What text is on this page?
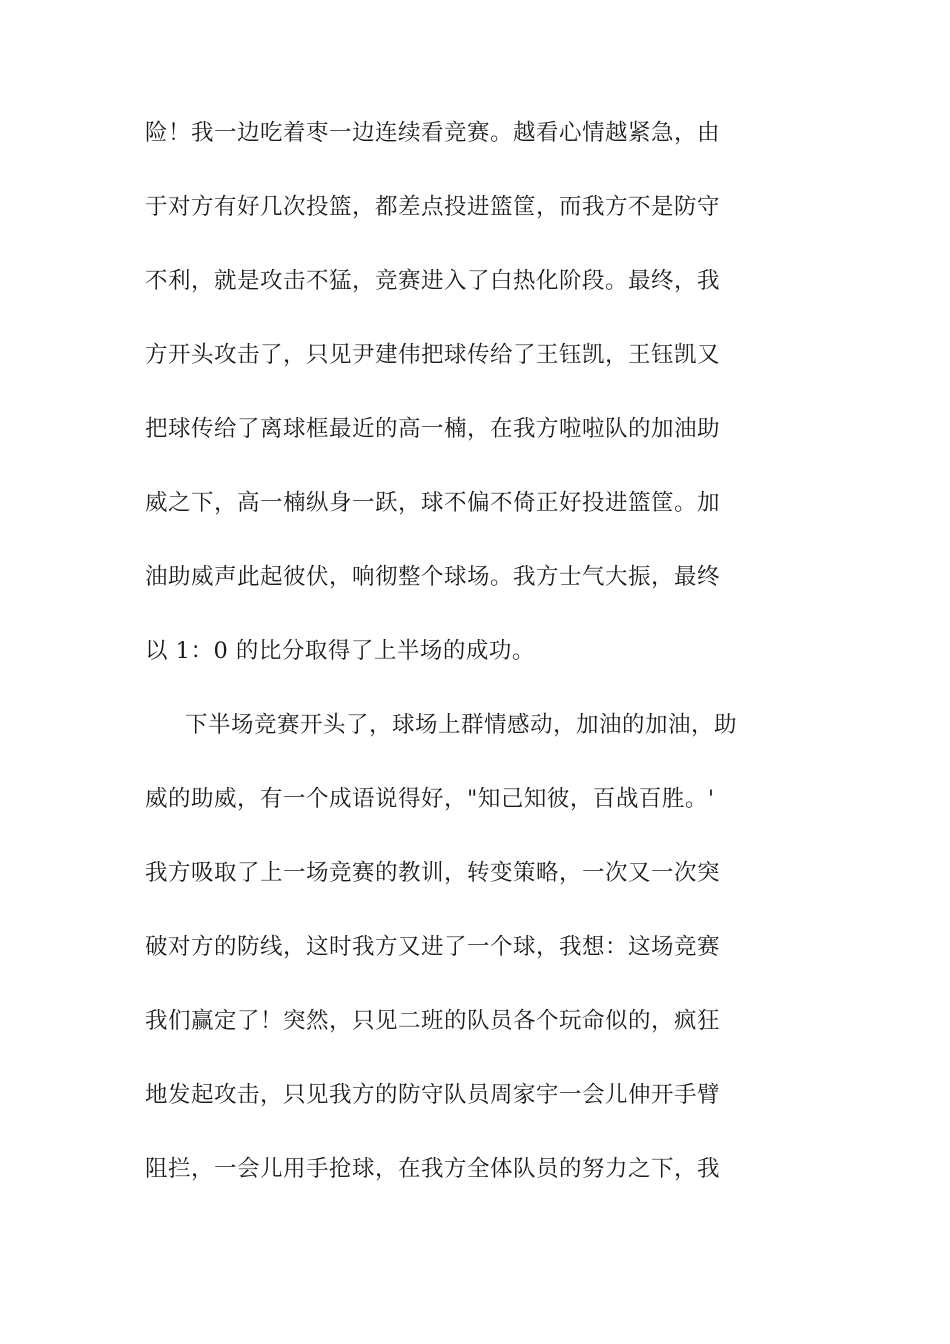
险！我一边吃着枣一边连续看竞赛。越看心情越紧急，由
于对方有好几次投篮，都差点投进篮筐，而我方不是防守
不利，就是攻击不猛，竞赛进入了白热化阶段。最终，我
方开头攻击了，只见尹建伟把球传给了王钰凯，王钰凯又
把球传给了离球框最近的高一楠，在我方啦啦队的加油助
威之下，高一楠纵身一跃，球不偏不倚正好投进篮筐。加
油助威声此起彼伏，响彻整个球场。我方士气大振，最终
以 1：0 的比分取得了上半场的成功。
下半场竞赛开头了，球场上群情感动，加油的加油，助
威的助威，有一个成语说得好，"知己知彼，百战百胜。'
我方吸取了上一场竞赛的教训，转变策略，一次又一次突
破对方的防线，这时我方又进了一个球，我想：这场竞赛
我们赢定了！突然，只见二班的队员各个玩命似的，疯狂
地发起攻击，只见我方的防守队员周家宇一会儿伸开手臂
阻拦，一会儿用手抢球，在我方全体队员的努力之下，我
